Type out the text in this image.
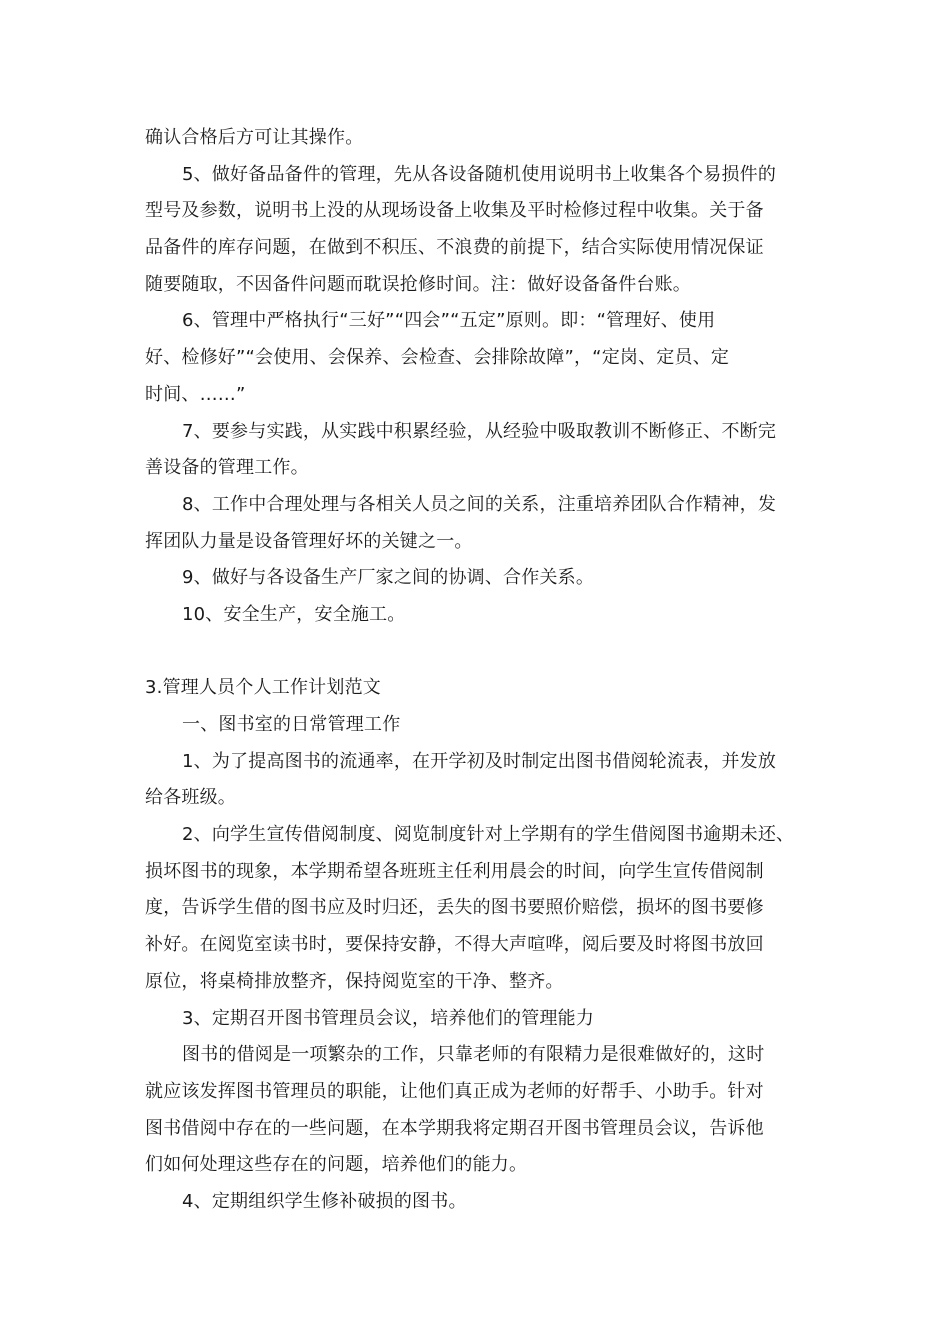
确认合格后方可让其操作。
5、做好备品备件的管理，先从各设备随机使用说明书上收集各个易损件的
型号及参数，说明书上没的从现场设备上收集及平时检修过程中收集。关于备
品备件的库存问题，在做到不积压、不浪费的前提下，结合实际使用情况保证
随要随取，不因备件问题而耽误抢修时间。注：做好设备备件台账。
6、管理中严格执行“三好”“四会”“五定”原则。即：“管理好、使用
好、检修好”“会使用、会保养、会检查、会排除故障”，“定岗、定员、定
时间、……”
7、要参与实践，从实践中积累经验，从经验中吸取教训不断修正、不断完
善设备的管理工作。
8、工作中合理处理与各相关人员之间的关系，注重培养团队合作精神，发
挥团队力量是设备管理好坏的关键之一。
9、做好与各设备生产厂家之间的协调、合作关系。
10、安全生产，安全施工。
3.管理人员个人工作计划范文
一、图书室的日常管理工作
1、为了提高图书的流通率，在开学初及时制定出图书借阅轮流表，并发放
给各班级。
2、向学生宣传借阅制度、阅览制度针对上学期有的学生借阅图书逾期未还、
损坏图书的现象，本学期希望各班班主任利用晨会的时间，向学生宣传借阅制
度，告诉学生借的图书应及时归还，丢失的图书要照价赔偿，损坏的图书要修
补好。在阅览室读书时，要保持安静，不得大声喧哗，阅后要及时将图书放回
原位，将桌椅排放整齐，保持阅览室的干净、整齐。
3、定期召开图书管理员会议，培养他们的管理能力
图书的借阅是一项繁杂的工作，只靠老师的有限精力是很难做好的，这时
就应该发挥图书管理员的职能，让他们真正成为老师的好帮手、小助手。针对
图书借阅中存在的一些问题，在本学期我将定期召开图书管理员会议，告诉他
们如何处理这些存在的问题，培养他们的能力。
4、定期组织学生修补破损的图书。
